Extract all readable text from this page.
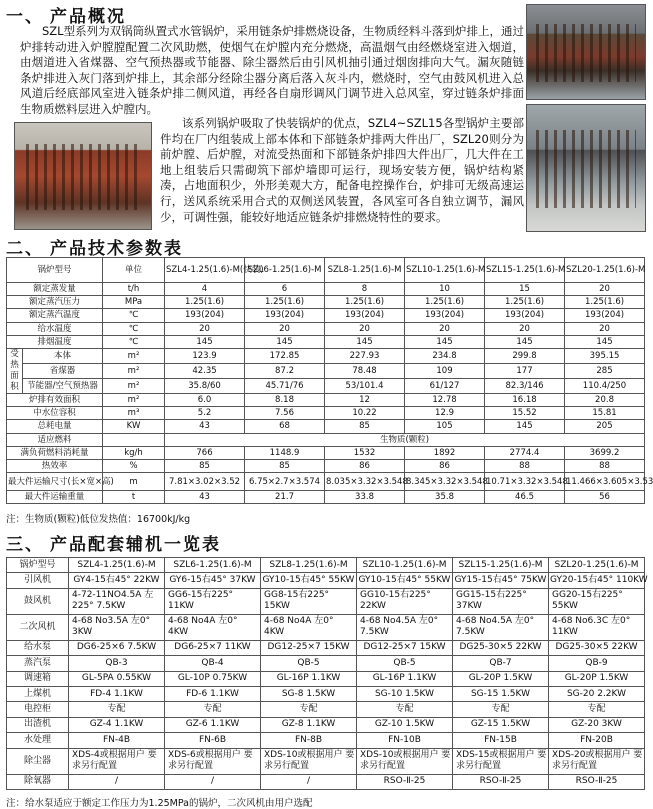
一、 产品概况
SZL型系列为双锅筒纵置式水管锅炉，采用链条炉排燃烧设备，生物质经料斗落到炉排上，通过炉排转动进入炉膛膛配置二次风助燃，使烟气在炉膛内充分燃烧，高温烟气由经燃烧室进入烟道，由烟道进入省煤器、空气预热器或节能器、除尘器然后由引风机抽引通过烟囱排向大气。漏灰随链条炉排进入灰门落到炉排上，其余部分经除尘器分离后落入灰斗内，燃烧时，空气由鼓风机进入总风道后经底部风室进入链条炉排二侧风道，再经各自扇形调风门调节进入总风室，穿过链条炉排面生物质燃料层进入炉膛内。
该系列锅炉吸取了快装锅炉的优点，SZL4~SZL15各型锅炉主要部件均在厂内组装成上部本体和下部链条炉排两大件出厂，SZL20则分为前炉膛、后炉膛，对流受热面和下部链条炉排四大件出厂，几大件在工地上组装后只需砌筑下部炉墙即可运行，现场安装方便，锅炉结构紧凑，占地面积少，外形美观大方，配备电控操作台，炉排可无级高速运行，送风系统采用合式的双侧送风装置，各风室可各自独立调节，漏风少，可调性强，能较好地适应链条炉排燃烧特性的要求。
二、 产品技术参数表
锅炉型号		单位	SZL4-1.25(1.6)-M(快装)	SZL6-1.25(1.6)-M	SZL8-1.25(1.6)-M	SZL10-1.25(1.6)-M	SZL15-1.25(1.6)-M	SZL20-1.25(1.6)-M
额定蒸发量		t/h	4	6	8	10	15	20
额定蒸汽压力		MPa	1.25(1.6)	1.25(1.6)	1.25(1.6)	1.25(1.6)	1.25(1.6)	1.25(1.6)
额定蒸汽温度		℃	193(204)	193(204)	193(204)	193(204)	193(204)	193(204)
给水温度		℃	20	20	20	20	20	20
排烟温度		℃	145	145	145	145	145	145
受热面积	本体	m²	123.9	172.85	227.93	234.8	299.8	395.15
	省煤器	m²	42.35	87.2	78.48	109	177	285
	节能器/空气预热器	m²	35.8/60	45.71/76	53/101.4	61/127	82.3/146	110.4/250
炉排有效面积		m²	6.0	8.18	12	12.78	16.18	20.8
中水位容积		m³	5.2	7.56	10.22	12.9	15.52	15.81
总耗电量		KW	43	68	85	105	145	205
适应燃料			生物质(颗粒)					
满负荷燃料消耗量		kg/h	766	1148.9	1532	1892	2774.4	3699.2
热效率		%	85	85	86	86	88	88
最大件运输尺寸(长×宽×高)		m	7.81×3.02×3.52	6.75×2.7×3.574	8.035×3.32×3.548	8.345×3.32×3.548	10.71×3.32×3.548	11.466×3.605×3.53
最大件运输重量		t	43	21.7	33.8	35.8	46.5	56
注：生物质(颗粒)低位发热值：16700kJ/kg
三、 产品配套辅机一览表
锅炉型号	SZL4-1.25(1.6)-M	SZL6-1.25(1.6)-M	SZL8-1.25(1.6)-M	SZL10-1.25(1.6)-M	SZL15-1.25(1.6)-M	SZL20-1.25(1.6)-M
引风机	GY4-15右45° 22KW	GY6-15右45° 37KW	GY10-15右45° 55KW	GY10-15右45° 55KW	GY15-15右45° 75KW	GY20-15右45° 110KW
鼓风机	4-72-11NO4.5A 左225° 7.5KW	GG6-15右225° 11KW	GG8-15右225° 15KW	GG10-15右225° 22KW	GG15-15右225° 37KW	GG20-15右225° 55KW
二次风机	4-68 No3.5A 左0° 3KW	4-68 No4A 左0° 4KW	4-68 No4A 左0° 4KW	4-68 No4.5A 左0° 7.5KW	4-68 No4.5A 左0° 7.5KW	4-68 No6.3C 左0° 11KW
给水泵	DG6-25×6 7.5KW	DG6-25×7 11KW	DG12-25×7 15KW	DG12-25×7 15KW	DG25-30×5 22KW	DG25-30×5 22KW
蒸汽泵	QB-3	QB-4	QB-5	QB-5	QB-7	QB-9
调速箱	GL-5PA 0.55KW	GL-10P 0.75KW	GL-16P 1.1KW	GL-16P 1.1KW	GL-20P 1.5KW	GL-20P 1.5KW
上煤机	FD-4 1.1KW	FD-6 1.1KW	SG-8 1.5KW	SG-10 1.5KW	SG-15 1.5KW	SG-20 2.2KW
电控柜	专配	专配	专配	专配	专配	专配
出渣机	GZ-4 1.1KW	GZ-6 1.1KW	GZ-8 1.1KW	GZ-10 1.5KW	GZ-15 1.5KW	GZ-20 3KW
水处理	FN-4B	FN-6B	FN-8B	FN-10B	FN-15B	FN-20B
除尘器	XDS-4或根据用户 要求另行配置	XDS-6或根据用户 要求另行配置	XDS-10或根据用户 要求另行配置	XDS-10或根据用户 要求另行配置	XDS-15或根据用户 要求另行配置	XDS-20或根据用户 要求另行配置
除氧器	/	/	/	RSO-Ⅱ-25	RSO-Ⅱ-25	RSO-Ⅱ-25
注：给水泵适应于额定工作压力为1.25MPa的锅炉，二次风机由用户选配
